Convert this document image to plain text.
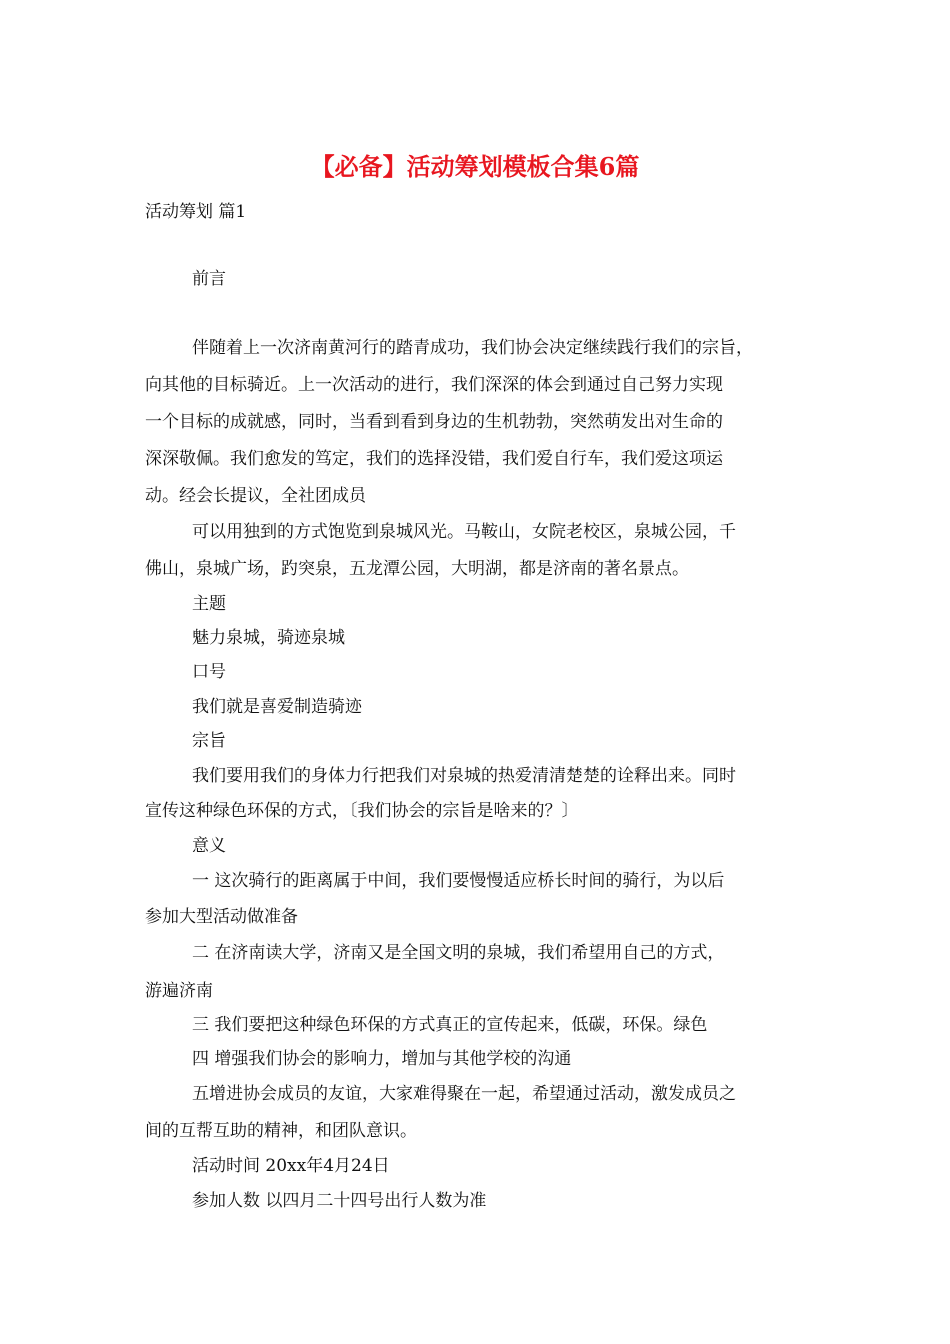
【必备】活动筹划模板合集6篇
活动筹划 篇1
前言
伴随着上一次济南黄河行的踏青成功，我们协会决定继续践行我们的宗旨，
向其他的目标骑近。上一次活动的进行，我们深深的体会到通过自己努力实现
一个目标的成就感，同时，当看到看到身边的生机勃勃，突然萌发出对生命的
深深敬佩。我们愈发的笃定，我们的选择没错，我们爱自行车，我们爱这项运
动。经会长提议，全社团成员
可以用独到的方式饱览到泉城风光。马鞍山，女院老校区，泉城公园，千
佛山，泉城广场，趵突泉，五龙潭公园，大明湖，都是济南的著名景点。
主题
魅力泉城，骑迹泉城
口号
我们就是喜爱制造骑迹
宗旨
我们要用我们的身体力行把我们对泉城的热爱清清楚楚的诠释出来。同时
宣传这种绿色环保的方式，〔我们协会的宗旨是啥来的？〕
意义
一 这次骑行的距离属于中间，我们要慢慢适应桥长时间的骑行，为以后
参加大型活动做准备
二 在济南读大学，济南又是全国文明的泉城，我们希望用自己的方式，
游遍济南
三 我们要把这种绿色环保的方式真正的宣传起来，低碳，环保。绿色
四 增强我们协会的影响力，增加与其他学校的沟通
五增进协会成员的友谊，大家难得聚在一起，希望通过活动，激发成员之
间的互帮互助的精神，和团队意识。
活动时间 20xx年4月24日
参加人数 以四月二十四号出行人数为准
